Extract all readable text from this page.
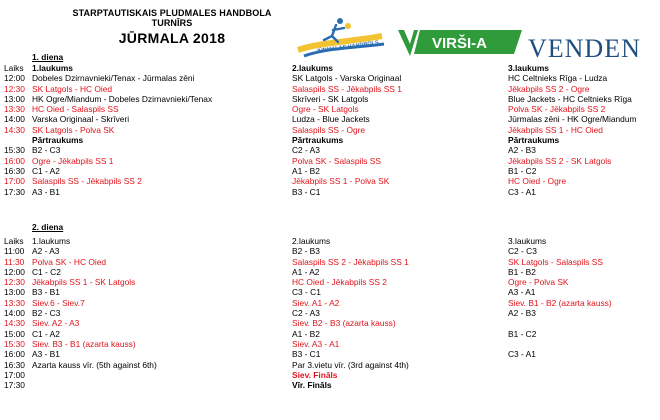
STARPTAUTISKAIS PLUDMALES HANDBOLA TURNĪRS
JŪRMALA 2018
JŪRMALAS HANDBOLS	VIRŠI-A VENDEN
1. diena
Laiks	1.laukums	2.laukums	3.laukums
12:00 Dobeles Dzirnavnieki/Tenax - Jūrmalas zēni	SK Latgols - Varska Originaal	HC Celtnieks Rīga - Ludza
12:30 SK Latgols - HC Oied	Salaspils SS - Jēkabpils SS 1	Jēkabpils SS 2 - Ogre
13:00 HK Ogre/Miandum - Dobeles Dzirnavnieki/Tenax	Skrīveri - SK Latgols	Blue Jackets - HC Celtnieks Rīga
13:30 HC Oied - Salaspils SS	Ogre - SK Latgols	Polva SK - Jēkabpils SS 2
14:00 Varska Originaal - Skrīveri	Ludza - Blue Jackets	Jūrmalas zēni - HK Ogre/Miandum
14:30 SK Latgols - Polva SK	Salaspils SS - Ogre	Jēkabpils SS 1 - HC Oied
Pārtraukums	Pārtraukums	Pārtraukums
15:30 B2 - C3	C2 - A3	A2 - B3
16:00 Ogre - Jēkabpils SS 1	Polva SK - Salaspils SS	Jēkabpils SS 2 - SK Latgols
16:30 C1 - A2	A1 - B2	B1 - C2
17:00 Salaspils SS - Jēkabpils SS 2	Jēkabpils SS 1 - Polva SK	HC Oied - Ogre
17:30 A3 - B1	B3 - C1	C3 - A1
2. diena
Laiks	1.laukums	2.laukums	3.laukums
11:00 A2 - A3	B2 - B3	C2 - C3
11:30 Polva SK - HC Oied	Salaspils SS 2 - Jēkabpils SS 1	SK Latgols - Salaspils SS
12:00 C1 - C2	A1 - A2	B1 - B2
12:30 Jēkabpils SS 1 - SK Latgols	HC Oied - Jēkabpils SS 2	Ogre - Polva SK
13:00 B3 - B1	C3 - C1	A3 - A1
13:30 Siev.6 - Siev.7	Siev. A1 - A2	Siev. B1 - B2 (azarta kauss)
14:00 B2 - C3	C2 - A3	A2 - B3
14:30 Siev. A2 - A3	Siev. B2 - B3 (azarta kauss)
15:00 C1 - A2	A1 - B2	B1 - C2
15:30 Siev. B3 - B1 (azarta kauss)	Siev. A3 - A1
16:00 A3 - B1	B3 - C1	C3 - A1
16:30 Azarta kauss vīr. (5th against 6th)	Par 3.vietu vīr. (3rd against 4th)
17:00	Siev. Fināls
17:30	Vīr. Fināls
